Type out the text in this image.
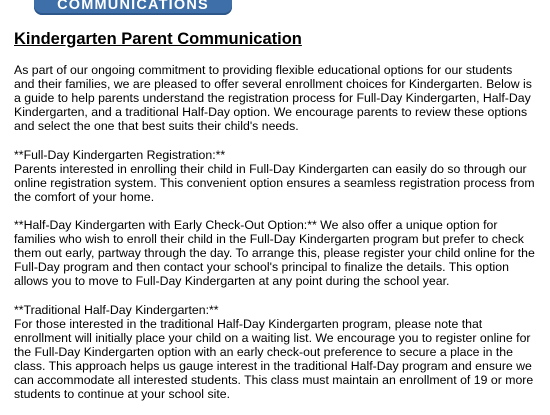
COMMUNICATIONS
Kindergarten Parent Communication

As part of our ongoing commitment to providing flexible educational options for our students and their families, we are pleased to offer several enrollment choices for Kindergarten. Below is a guide to help parents understand the registration process for Full-Day Kindergarten, Half-Day Kindergarten, and a traditional Half-Day option. We encourage parents to review these options and select the one that best suits their child's needs.

**Full-Day Kindergarten Registration:**
Parents interested in enrolling their child in Full-Day Kindergarten can easily do so through our online registration system. This convenient option ensures a seamless registration process from the comfort of your home.

**Half-Day Kindergarten with Early Check-Out Option:** We also offer a unique option for families who wish to enroll their child in the Full-Day Kindergarten program but prefer to check them out early, partway through the day. To arrange this, please register your child online for the Full-Day program and then contact your school's principal to finalize the details. This option allows you to move to Full-Day Kindergarten at any point during the school year.

**Traditional Half-Day Kindergarten:**
For those interested in the traditional Half-Day Kindergarten program, please note that enrollment will initially place your child on a waiting list. We encourage you to register online for the Full-Day Kindergarten option with an early check-out preference to secure a place in the class. This approach helps us gauge interest in the traditional Half-Day program and ensure we can accommodate all interested students. This class must maintain an enrollment of 19 or more students to continue at your school site.
